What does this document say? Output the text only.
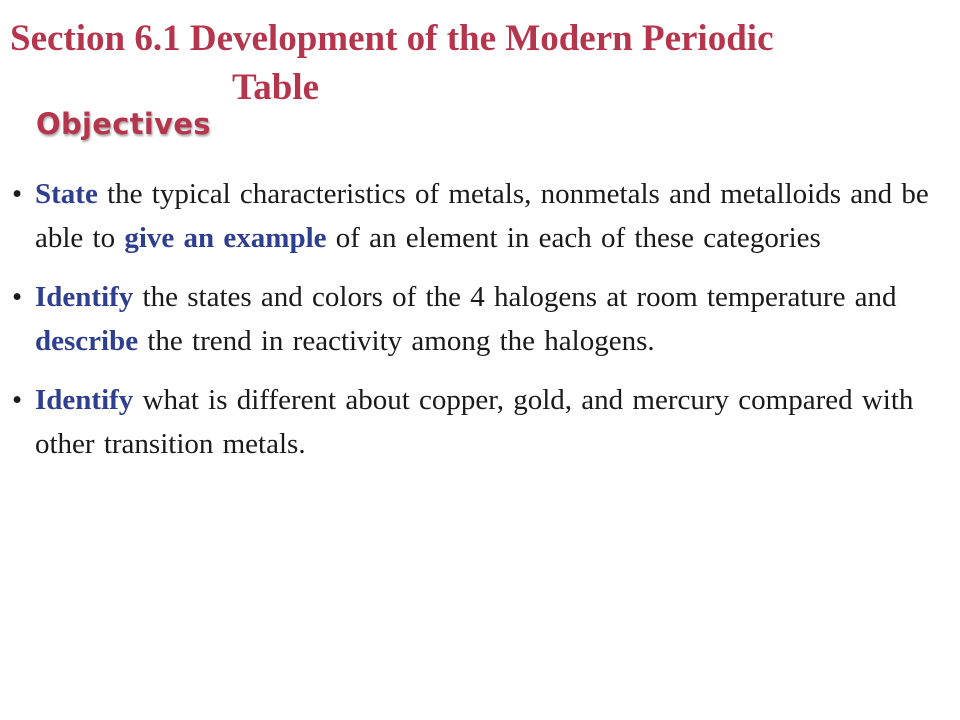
Section 6.1 Development of the Modern Periodic
Table
Objectives
• State the typical characteristics of metals, nonmetals and metalloids and be able to give an example of an element in each of these categories
• Identify the states and colors of the 4 halogens at room temperature and describe the trend in reactivity among the halogens.
• Identify what is different about copper, gold, and mercury compared with other transition metals.
